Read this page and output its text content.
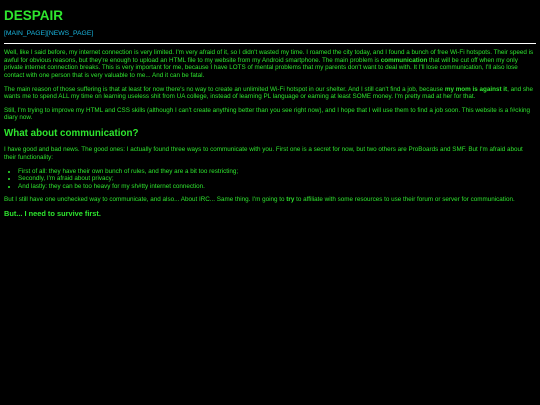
DESPAIR
[MAIN_PAGE][NEWS_PAGE]

Well, like I said before, my internet connection is very limited. I'm very afraid of it, so I didn't wasted my time. I roamed the city today, and I found a bunch of free Wi-Fi hotspots. Their speed is awful for obvious reasons, but they're enough to upload an HTML file to my website from my Android smartphone. The main problem is communication that will be cut off when my only private internet connection breaks. This is very important for me, because I have LOTS of mental problems that my parents don't want to deal with. It I'll lose communication, I'll also lose contact with one person that is very valuable to me... And it can be fatal.

The main reason of those suffering is that at least for now there's no way to create an unlimited Wi-Fi hotspot in our shelter. And I still can't find a job, because my mom is against it, and she wants me to spend ALL my time on learning useless shit from UA college, instead of learning PL language or earning at least SOME money. I'm pretty mad at her for that.

Still, I'm trying to improve my HTML and CSS skills (although I can't create anything better than you see right now), and I hope that I will use them to find a job soon. This website is a f#cking diary now.

What about communication?

I have good and bad news. The good ones: I actually found three ways to communicate with you. First one is a secret for now, but two others are ProBoards and SMF. But I'm afraid about their functionality:

• First of all: they have their own bunch of rules, and they are a bit too restricting;
• Secondly, I'm afraid about privacy;
• And lastly: they can be too heavy for my sh#tty internet connection.

But I still have one unchecked way to communicate, and also... About IRC... Same thing. I'm going to try to affiliate with some resources to use their forum or server for communication.

But... I need to survive first.
